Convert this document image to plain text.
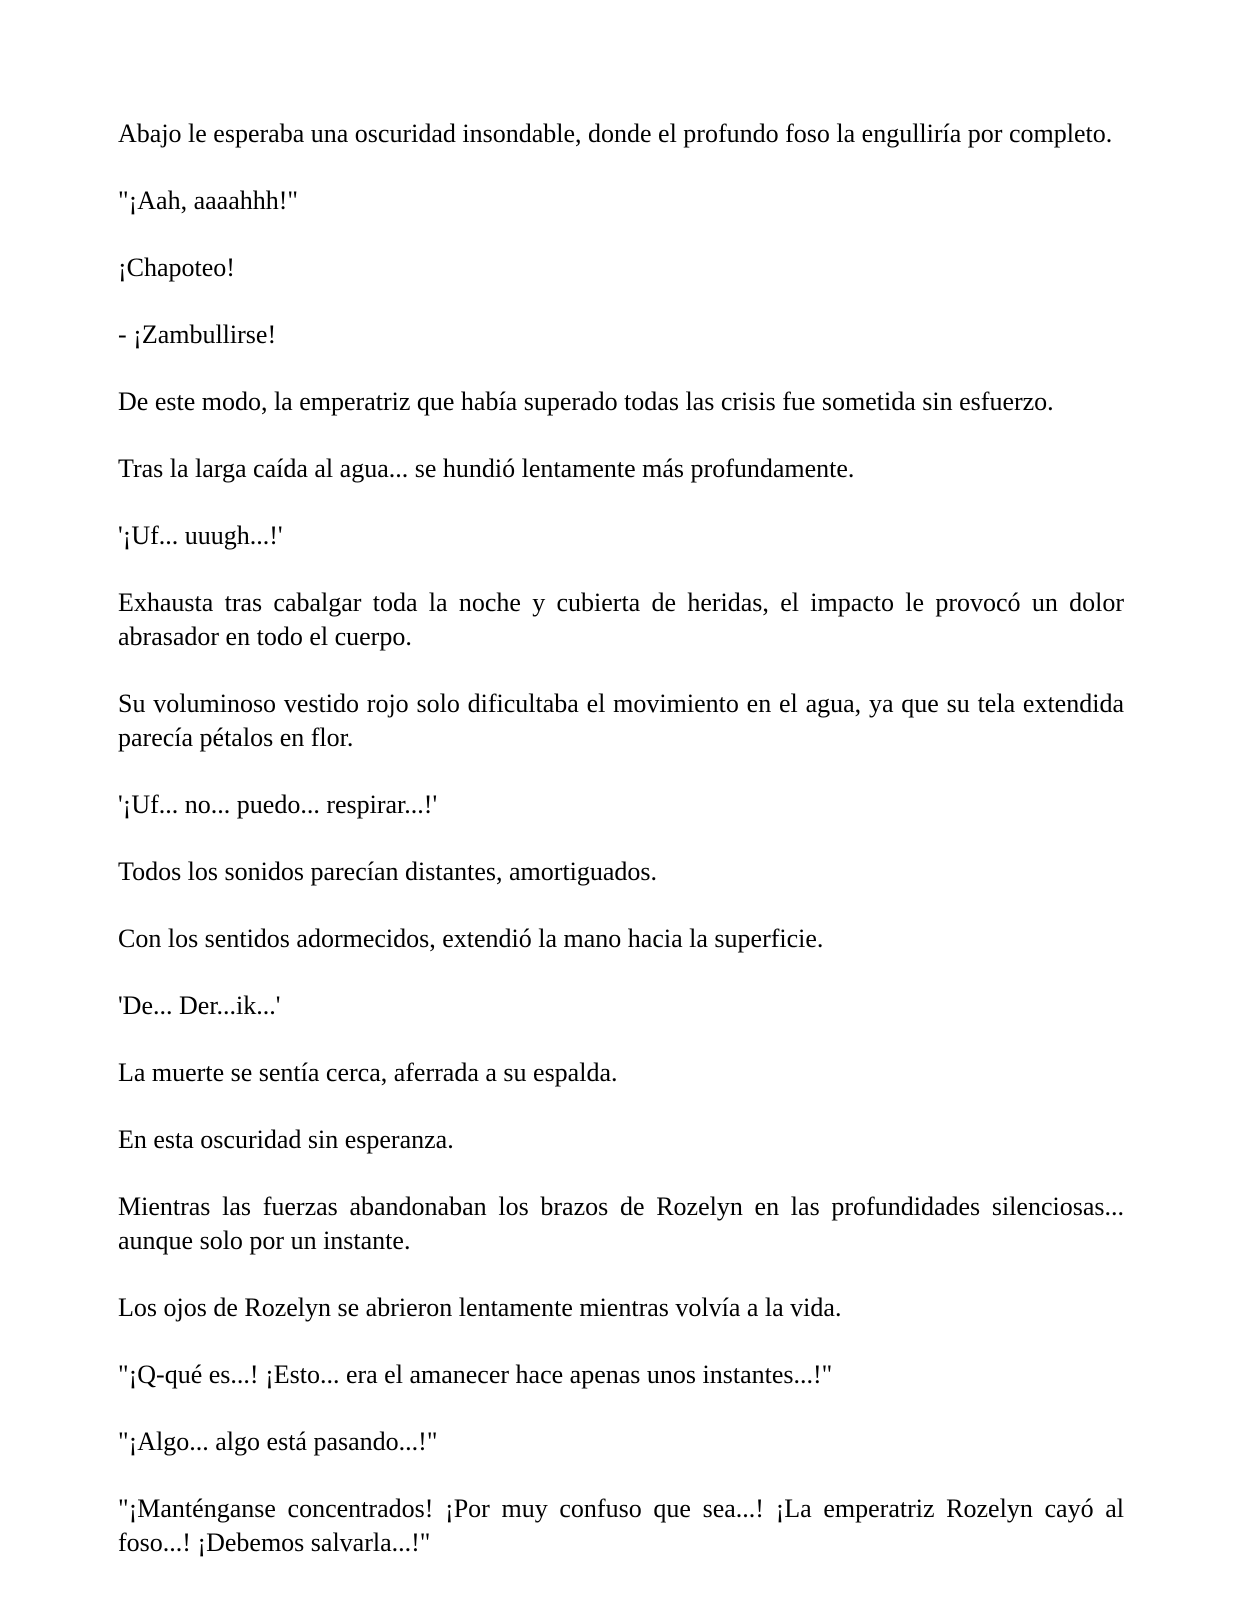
Abajo le esperaba una oscuridad insondable, donde el profundo foso la engulliría por completo.

"¡Aah, aaaahhh!"

¡Chapoteo!

- ¡Zambullirse!

De este modo, la emperatriz que había superado todas las crisis fue sometida sin esfuerzo.

Tras la larga caída al agua... se hundió lentamente más profundamente.

'¡Uf... uuugh...!'

Exhausta tras cabalgar toda la noche y cubierta de heridas, el impacto le provocó un dolor abrasador en todo el cuerpo.

Su voluminoso vestido rojo solo dificultaba el movimiento en el agua, ya que su tela extendida parecía pétalos en flor.

'¡Uf... no... puedo... respirar...!'

Todos los sonidos parecían distantes, amortiguados.

Con los sentidos adormecidos, extendió la mano hacia la superficie.

'De... Der...ik...'

La muerte se sentía cerca, aferrada a su espalda.

En esta oscuridad sin esperanza.

Mientras las fuerzas abandonaban los brazos de Rozelyn en las profundidades silenciosas... aunque solo por un instante.

Los ojos de Rozelyn se abrieron lentamente mientras volvía a la vida.

"¡Q-qué es...! ¡Esto... era el amanecer hace apenas unos instantes...!"

"¡Algo... algo está pasando...!"

"¡Manténganse concentrados! ¡Por muy confuso que sea...! ¡La emperatriz Rozelyn cayó al foso...! ¡Debemos salvarla...!"
